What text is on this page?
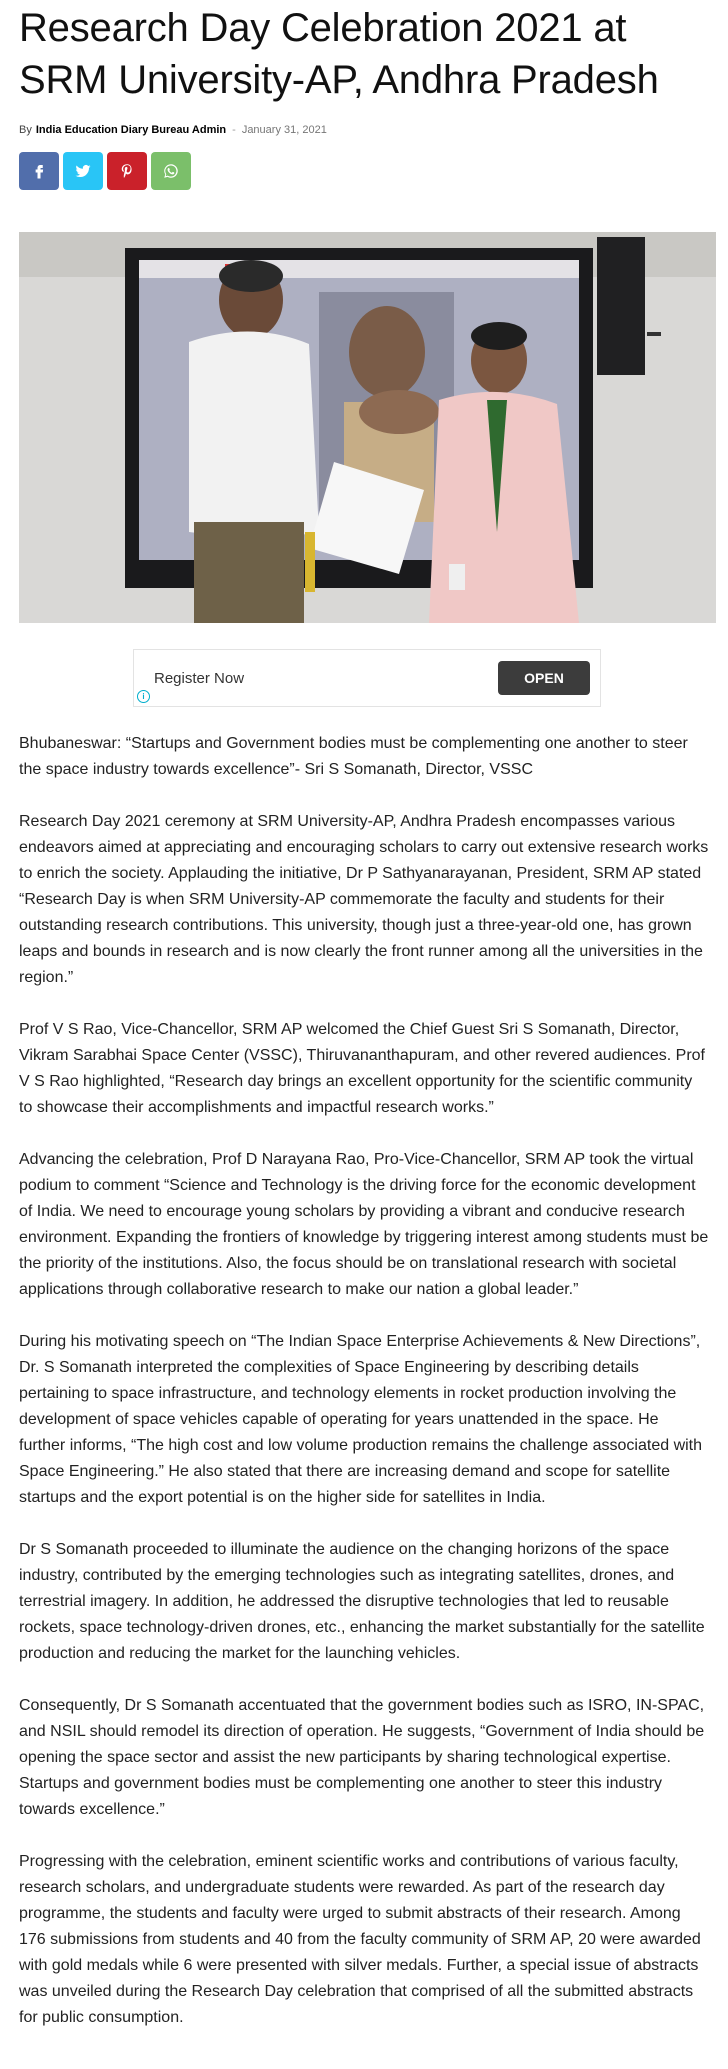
Research Day Celebration 2021 at SRM University-AP, Andhra Pradesh
By India Education Diary Bureau Admin - January 31, 2021
Register Now	OPEN
i

Bhubaneswar: “Startups and Government bodies must be complementing one another to steer the space industry towards excellence”- Sri S Somanath, Director, VSSC

Research Day 2021 ceremony at SRM University-AP, Andhra Pradesh encompasses various endeavors aimed at appreciating and encouraging scholars to carry out extensive research works to enrich the society. Applauding the initiative, Dr P Sathyanarayanan, President, SRM AP stated “Research Day is when SRM University-AP commemorate the faculty and students for their outstanding research contributions. This university, though just a three-year-old one, has grown leaps and bounds in research and is now clearly the front runner among all the universities in the region.”

Prof V S Rao, Vice-Chancellor, SRM AP welcomed the Chief Guest Sri S Somanath, Director, Vikram Sarabhai Space Center (VSSC), Thiruvananthapuram, and other revered audiences. Prof V S Rao highlighted, “Research day brings an excellent opportunity for the scientific community to showcase their accomplishments and impactful research works.”

Advancing the celebration, Prof D Narayana Rao, Pro-Vice-Chancellor, SRM AP took the virtual podium to comment “Science and Technology is the driving force for the economic development of India. We need to encourage young scholars by providing a vibrant and conducive research environment. Expanding the frontiers of knowledge by triggering interest among students must be the priority of the institutions. Also, the focus should be on translational research with societal applications through collaborative research to make our nation a global leader.”

During his motivating speech on “The Indian Space Enterprise Achievements & New Directions”, Dr. S Somanath interpreted the complexities of Space Engineering by describing details pertaining to space infrastructure, and technology elements in rocket production involving the development of space vehicles capable of operating for years unattended in the space. He further informs, “The high cost and low volume production remains the challenge associated with Space Engineering.” He also stated that there are increasing demand and scope for satellite startups and the export potential is on the higher side for satellites in India.

Dr S Somanath proceeded to illuminate the audience on the changing horizons of the space industry, contributed by the emerging technologies such as integrating satellites, drones, and terrestrial imagery. In addition, he addressed the disruptive technologies that led to reusable rockets, space technology-driven drones, etc., enhancing the market substantially for the satellite production and reducing the market for the launching vehicles.

Consequently, Dr S Somanath accentuated that the government bodies such as ISRO, IN-SPAC, and NSIL should remodel its direction of operation. He suggests, “Government of India should be opening the space sector and assist the new participants by sharing technological expertise. Startups and government bodies must be complementing one another to steer this industry towards excellence.”

Progressing with the celebration, eminent scientific works and contributions of various faculty, research scholars, and undergraduate students were rewarded. As part of the research day programme, the students and faculty were urged to submit abstracts of their research. Among 176 submissions from students and 40 from the faculty community of SRM AP, 20 were awarded with gold medals while 6 were presented with silver medals. Further, a special issue of abstracts was unveiled during the Research Day celebration that comprised of all the submitted abstracts for public consumption.
